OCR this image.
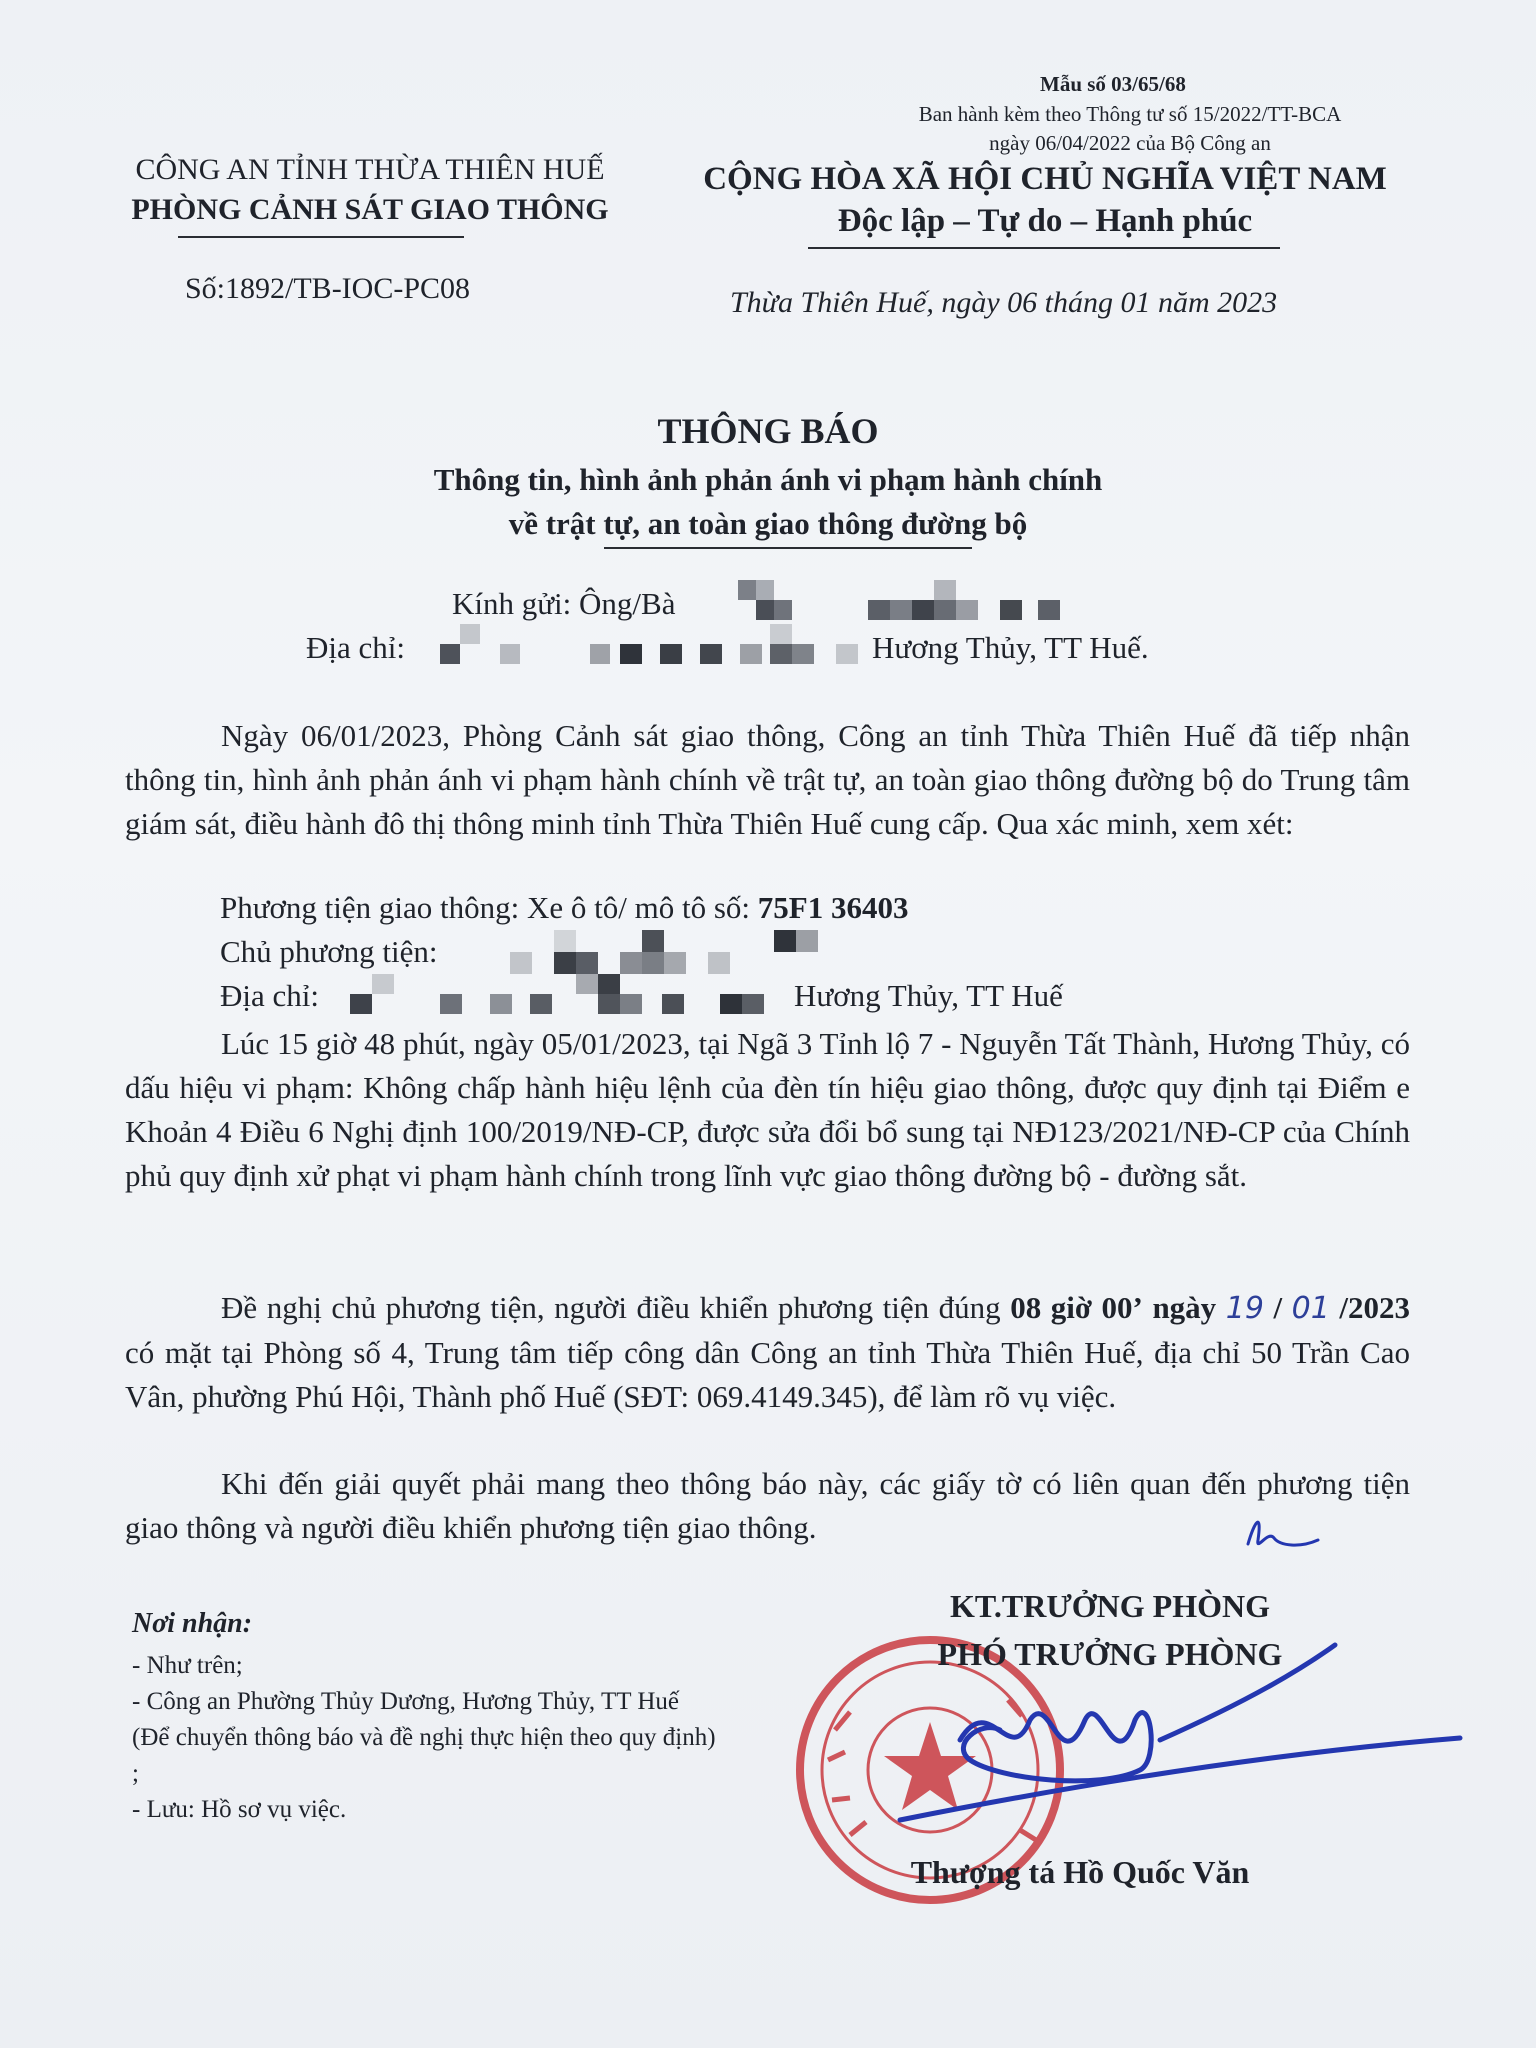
Mẫu số 03/65/68
Ban hành kèm theo Thông tư số 15/2022/TT-BCA
ngày 06/04/2022 của Bộ Công an
CÔNG AN TỈNH THỪA THIÊN HUẾ
PHÒNG CẢNH SÁT GIAO THÔNG
CỘNG HÒA XÃ HỘI CHỦ NGHĨA VIỆT NAM
Độc lập – Tự do – Hạnh phúc
Số:1892/TB-IOC-PC08	Thừa Thiên Huế, ngày 06 tháng 01 năm 2023
THÔNG BÁO
Thông tin, hình ảnh phản ánh vi phạm hành chính
về trật tự, an toàn giao thông đường bộ
Kính gửi: Ông/Bà
Địa chỉ:	Hương Thủy, TT Huế.
Ngày 06/01/2023, Phòng Cảnh sát giao thông, Công an tỉnh Thừa Thiên Huế đã tiếp nhận thông tin, hình ảnh phản ánh vi phạm hành chính về trật tự, an toàn giao thông đường bộ do Trung tâm giám sát, điều hành đô thị thông minh tỉnh Thừa Thiên Huế cung cấp. Qua xác minh, xem xét:
Phương tiện giao thông: Xe ô tô/ mô tô số: 75F1 36403
Chủ phương tiện:
Địa chỉ:	Hương Thủy, TT Huế
Lúc 15 giờ 48 phút, ngày 05/01/2023, tại Ngã 3 Tỉnh lộ 7 - Nguyễn Tất Thành, Hương Thủy, có dấu hiệu vi phạm: Không chấp hành hiệu lệnh của đèn tín hiệu giao thông, được quy định tại Điểm e Khoản 4 Điều 6 Nghị định 100/2019/NĐ-CP, được sửa đổi bổ sung tại NĐ123/2021/NĐ-CP của Chính phủ quy định xử phạt vi phạm hành chính trong lĩnh vực giao thông đường bộ - đường sắt.
Đề nghị chủ phương tiện, người điều khiển phương tiện đúng 08 giờ 00’ ngày 19 / 01 /2023 có mặt tại Phòng số 4, Trung tâm tiếp công dân Công an tỉnh Thừa Thiên Huế, địa chỉ 50 Trần Cao Vân, phường Phú Hội, Thành phố Huế (SĐT: 069.4149.345), để làm rõ vụ việc.
Khi đến giải quyết phải mang theo thông báo này, các giấy tờ có liên quan đến phương tiện giao thông và người điều khiển phương tiện giao thông.
Nơi nhận:
- Như trên;
- Công an Phường Thủy Dương, Hương Thủy, TT Huế (Để chuyển thông báo và đề nghị thực hiện theo quy định) ;
- Lưu: Hồ sơ vụ việc.
KT.TRƯỞNG PHÒNG
PHÓ TRƯỞNG PHÒNG
Thượng tá Hồ Quốc Văn
